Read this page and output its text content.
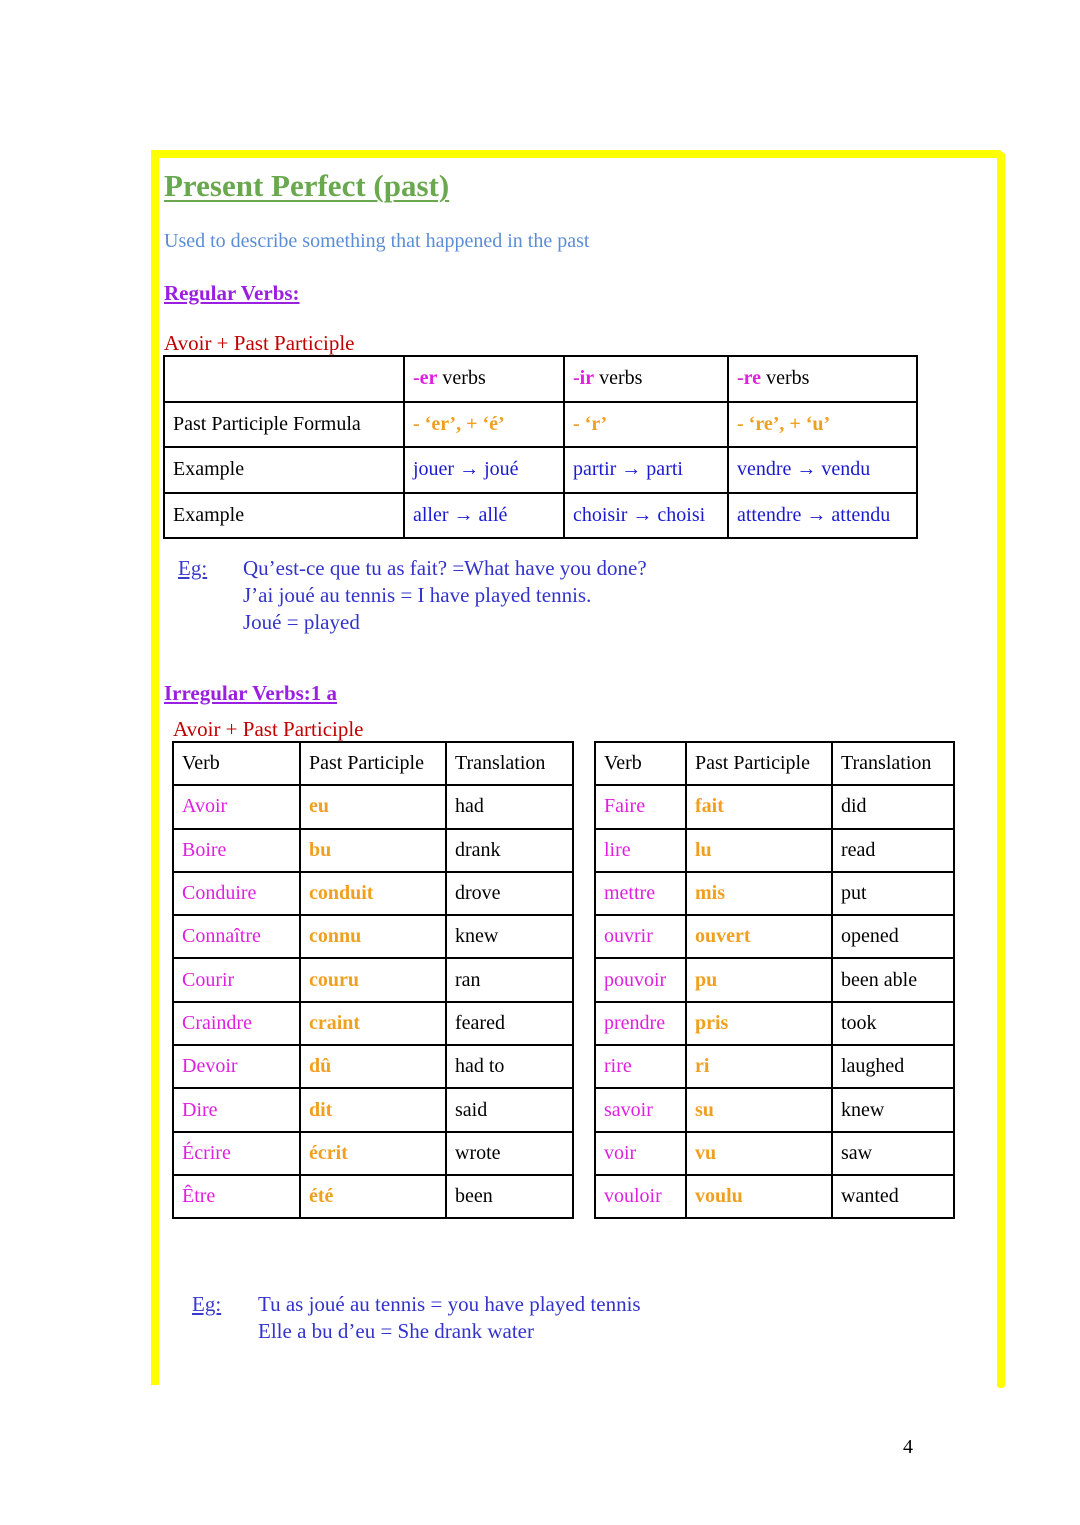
Present Perfect (past)
Used to describe something that happened in the past
Regular Verbs:
Avoir + Past Participle
	-er verbs	-ir verbs	-re verbs
Past Participle Formula	- ‘er’, + ‘é’	- ‘r’	- ‘re’, + ‘u’
Example	jouer → joué	partir → parti	vendre → vendu
Example	aller → allé	choisir → choisi	attendre → attendu
Eg: Qu’est-ce que tu as fait? =What have you done?
J’ai joué au tennis = I have played tennis.
Joué = played
Irregular Verbs:1 a
Avoir + Past Participle
Verb	Past Participle	Translation
Avoir	eu	had
Boire	bu	drank
Conduire	conduit	drove
Connaître	connu	knew
Courir	couru	ran
Craindre	craint	feared
Devoir	dû	had to
Dire	dit	said
Écrire	écrit	wrote
Être	été	been
Verb	Past Participle	Translation
Faire	fait	did
lire	lu	read
mettre	mis	put
ouvrir	ouvert	opened
pouvoir	pu	been able
prendre	pris	took
rire	ri	laughed
savoir	su	knew
voir	vu	saw
vouloir	voulu	wanted
Eg: Tu as joué au tennis = you have played tennis
Elle a bu d’eu = She drank water
4
